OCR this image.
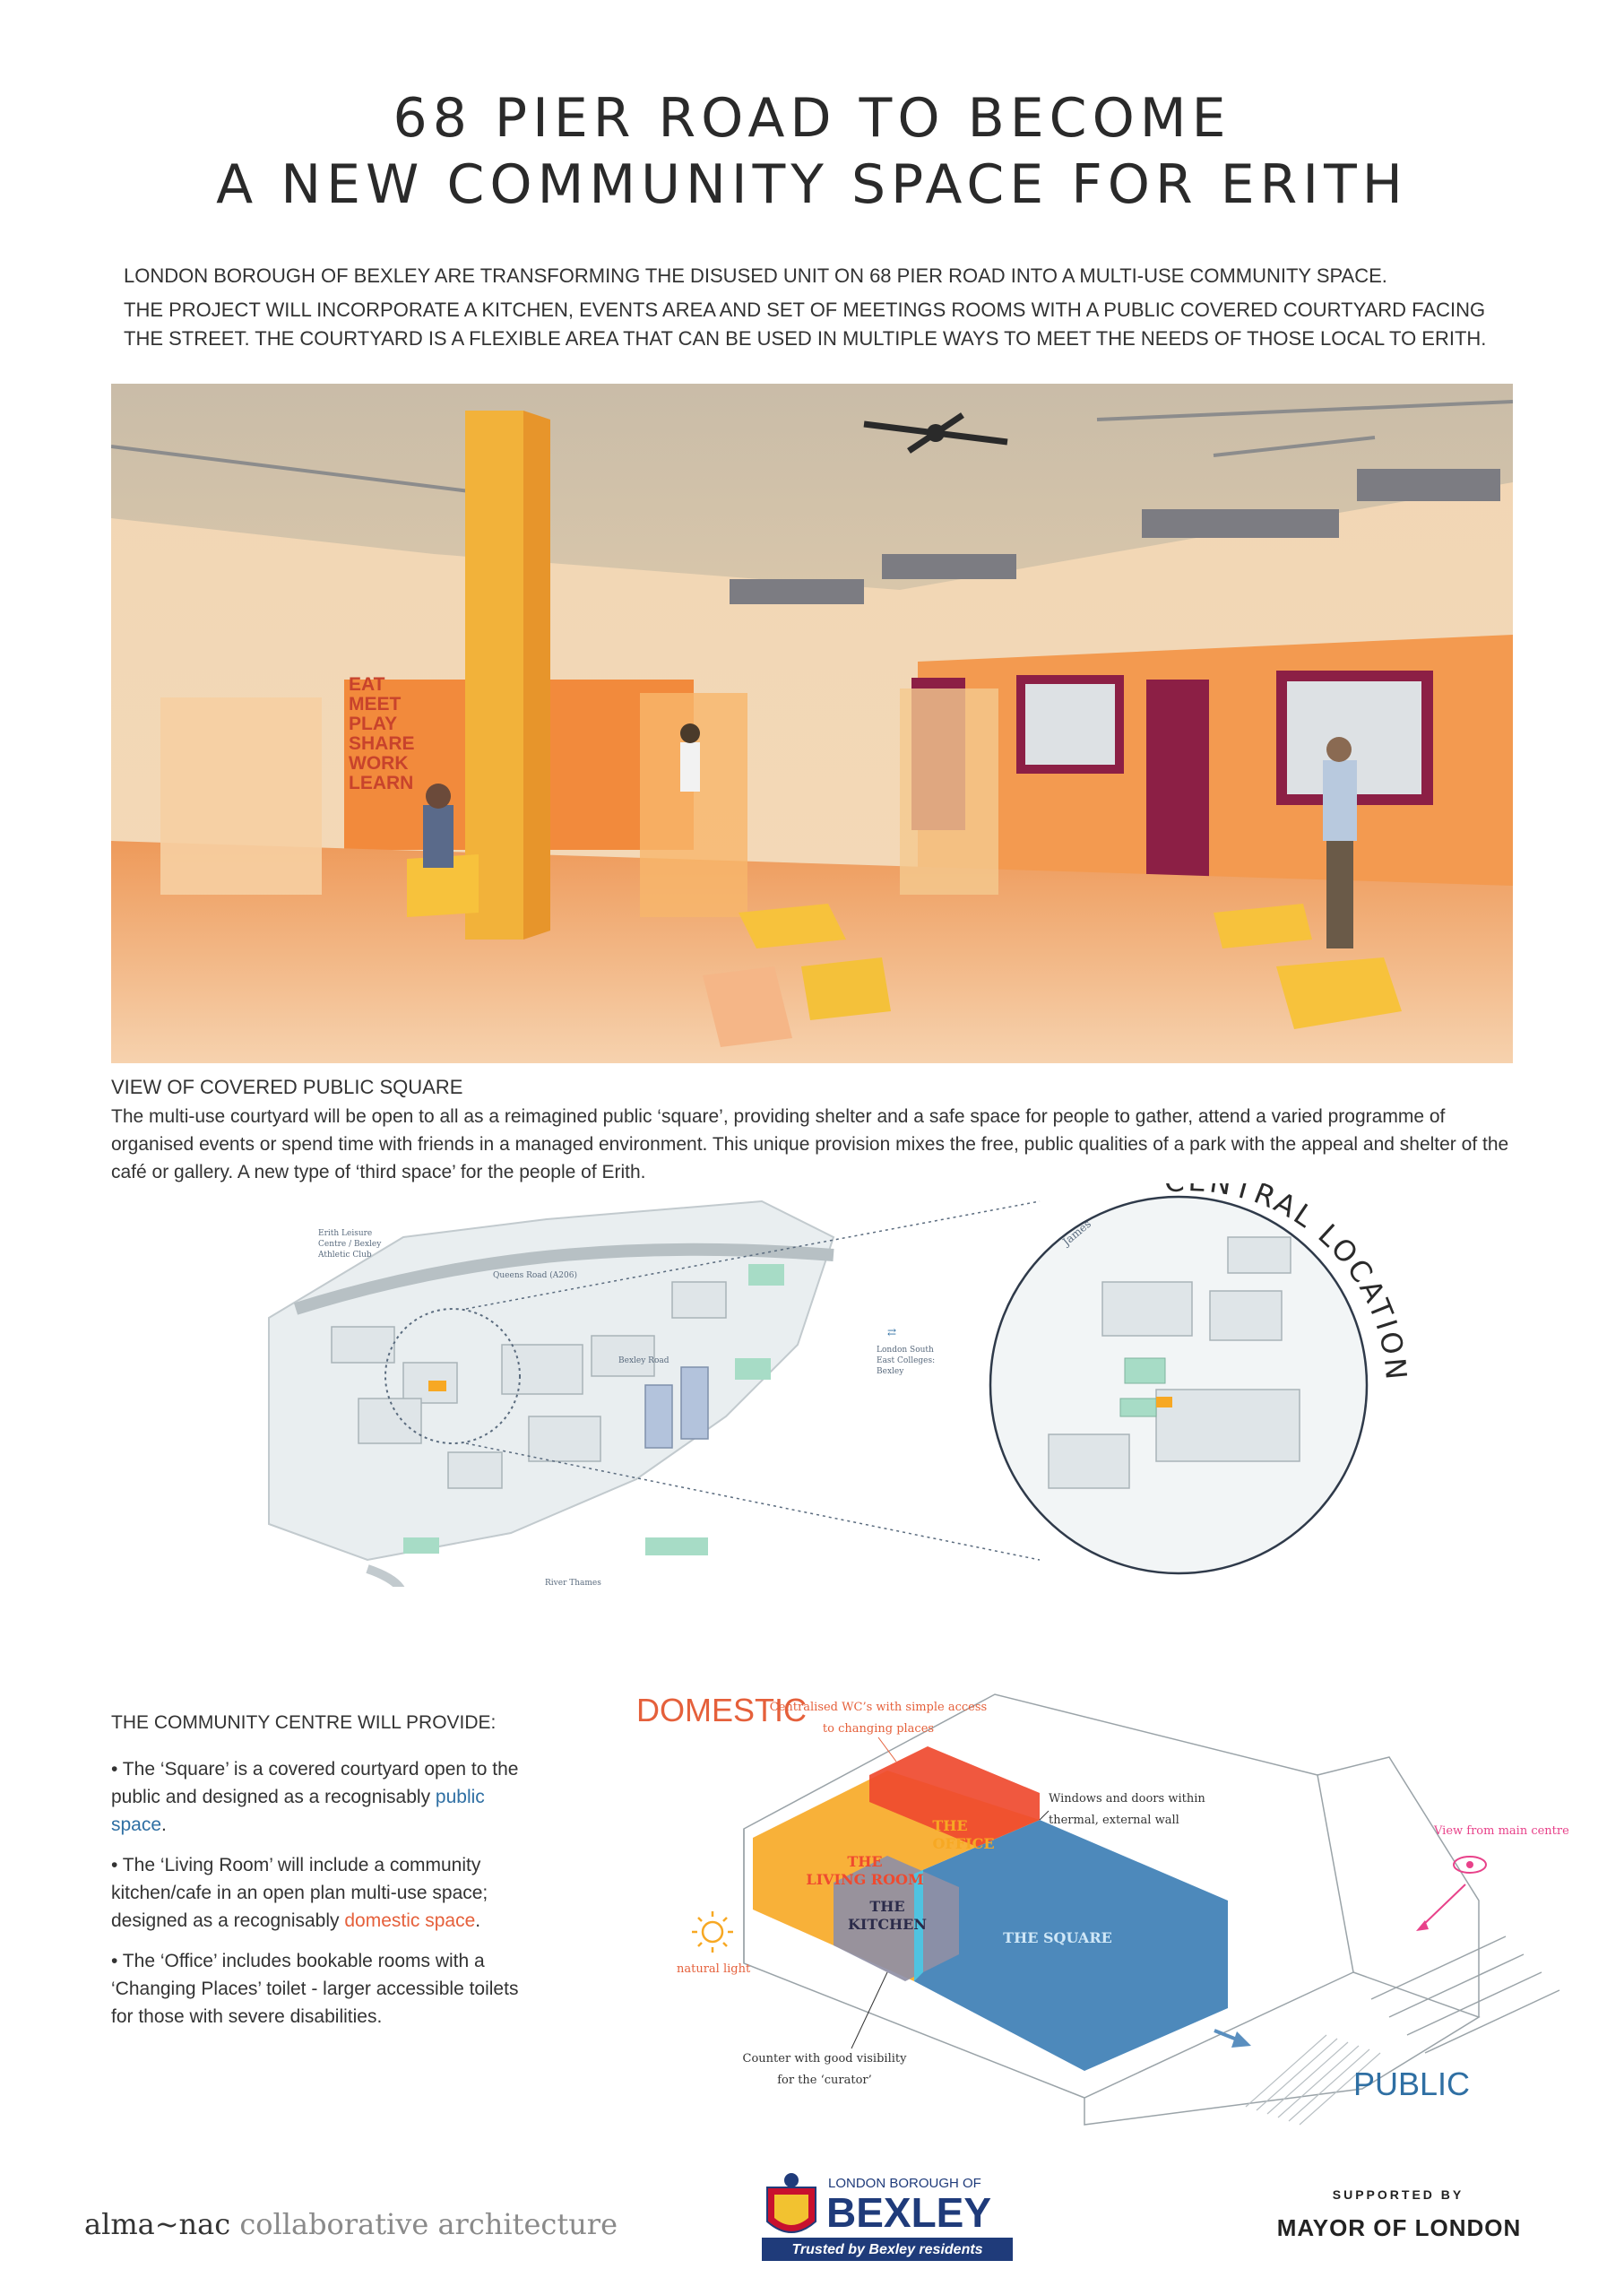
68 PIER ROAD TO BECOME
A NEW COMMUNITY SPACE FOR ERITH

LONDON BOROUGH OF BEXLEY ARE TRANSFORMING THE DISUSED UNIT ON 68 PIER ROAD INTO A MULTI-USE COMMUNITY SPACE.

THE PROJECT WILL INCORPORATE A KITCHEN, EVENTS AREA AND SET OF MEETINGS ROOMS WITH A PUBLIC COVERED COURTYARD FACING THE STREET. THE COURTYARD IS A FLEXIBLE AREA THAT CAN BE USED IN MULTIPLE WAYS TO MEET THE NEEDS OF THOSE LOCAL TO ERITH.

EAT
MEET
PLAY
SHARE
WORK
LEARN
VIEW OF COVERED PUBLIC SQUARE
The multi-use courtyard will be open to all as a reimagined public ‘square’, providing shelter and a safe space for people to gather, attend a varied programme of organised events or spend time with friends in a managed environment. This unique provision mixes the free, public qualities of a park with the appeal and shelter of the café or gallery. A new type of ‘third space’ for the people of Erith.
Erith Leisure
Centre / Bexley
Athletic Club
London South
East Colleges:
Bexley
River Thames
Queens Road (A206)
Bexley Road
⇄
James
NTRAL LOCATION
THE COMMUNITY CENTRE WILL PROVIDE:

• The ‘Square’ is a covered courtyard open to the public and designed as a recognisably public space.

• The ‘Living Room’ will include a community kitchen/cafe in an open plan multi-use space; designed as a recognisably domestic space.

• The ‘Office’ includes bookable rooms with a ‘Changing Places’ toilet - larger accessible toilets for those with severe disabilities.

THE
OFFICE
THE
LIVING ROOM
THE
KITCHEN
THE SQUARE
DOMESTIC
PUBLIC
Centralised WC’s with simple access
to changing places
Windows and doors within
thermal, external wall
View from main centre
natural light
Counter with good visibility
for the ‘curator’
alma~nac collaborative architecture
LONDON BOROUGH OF
BEXLEY
Trusted by Bexley residents
SUPPORTED BY
MAYOR OF LONDON
